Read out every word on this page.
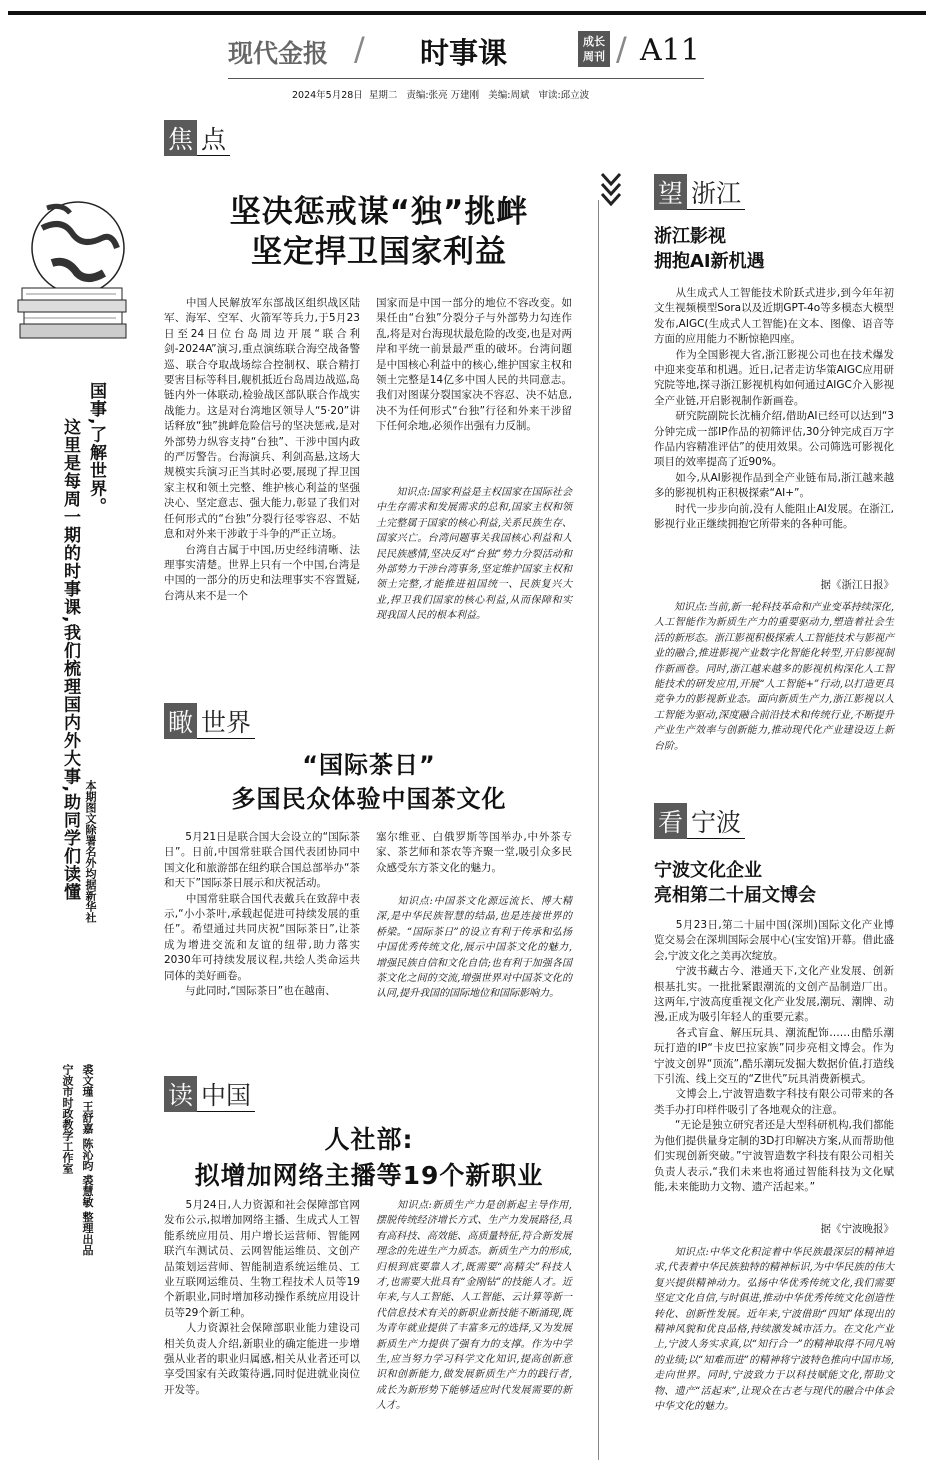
现代金报 / 时事课	成长
周刊 / A11
2024年5月28日  星期二   责编:张亮 万建刚   美编:周斌   审读:邱立波
国事,了解世界。
这里是每周一期的时事课,我们梳理国内外大事,助同学们读懂 本期图文除署名外均据新华社
裘文瑾 王舒嘉 陈沁昀 裘慧敏 整理出品
宁波市时政教学工作室
焦 点
坚决惩戒谋“独”挑衅
坚定捍卫国家利益
　　中国人民解放军东部战区组织战区陆军、海军、空军、火箭军等兵力,于5月23日至24日位台岛周边开展“联合利剑-2024A”演习,重点演练联合海空战备警巡、联合夺取战场综合控制权、联合精打要害目标等科目,舰机抵近台岛周边战巡,岛链内外一体联动,检验战区部队联合作战实战能力。这是对台湾地区领导人“5·20”讲话释放“独”挑衅危险信号的坚决惩戒,是对外部势力纵容支持“台独”、干涉中国内政的严厉警告。台海演兵、利剑高悬,这场大规模实兵演习正当其时必要,展现了捍卫国家主权和领土完整、维护核心利益的坚强决心、坚定意志、强大能力,彰显了我们对任何形式的“台独”分裂行径零容忍、不姑息和对外来干涉敢于斗争的严正立场。
　　台湾自古属于中国,历史经纬清晰、法理事实清楚。世界上只有一个中国,台湾是中国的一部分的历史和法理事实不容置疑,台湾从来不是一个
国家而是中国一部分的地位不容改变。如果任由“台独”分裂分子与外部势力勾连作乱,将是对台海现状最危险的改变,也是对两岸和平统一前景最严重的破坏。台湾问题是中国核心利益中的核心,维护国家主权和领土完整是14亿多中国人民的共同意志。我们对图谋分裂国家决不容忍、决不姑息,决不为任何形式“台独”行径和外来干涉留下任何余地,必须作出强有力反制。
　　知识点:国家利益是主权国家在国际社会中生存需求和发展需求的总和,国家主权和领土完整属于国家的核心利益,关系民族生存、国家兴亡。台湾问题事关我国核心利益和人民民族感情,坚决反对“台独”势力分裂活动和外部势力干涉台湾事务,坚定维护国家主权和领土完整,才能推进祖国统一、民族复兴大业,捍卫我们国家的核心利益,从而保障和实现我国人民的根本利益。
瞰 世界
“国际茶日”
多国民众体验中国茶文化
　　5月21日是联合国大会设立的“国际茶日”。日前,中国常驻联合国代表团协同中国文化和旅游部在纽约联合国总部举办“茶和天下”国际茶日展示和庆祝活动。
　　中国常驻联合国代表戴兵在致辞中表示,“小小茶叶,承载起促进可持续发展的重任”。希望通过共同庆祝“国际茶日”,让茶成为增进交流和友谊的纽带,助力落实2030年可持续发展议程,共绘人类命运共同体的美好画卷。
　　与此同时,“国际茶日”也在越南、
塞尔维亚、白俄罗斯等国举办,中外茶专家、茶艺师和茶农等齐聚一堂,吸引众多民众感受东方茶文化的魅力。
　　知识点:中国茶文化源远流长、博大精深,是中华民族智慧的结晶,也是连接世界的桥梁。“国际茶日”的设立有利于传承和弘扬中国优秀传统文化,展示中国茶文化的魅力,增强民族自信和文化自信;也有利于加强各国茶文化之间的交流,增强世界对中国茶文化的认同,提升我国的国际地位和国际影响力。
读 中国
人社部:
拟增加网络主播等19个新职业
　　5月24日,人力资源和社会保障部官网发布公示,拟增加网络主播、生成式人工智能系统应用员、用户增长运营师、智能网联汽车测试员、云网智能运维员、文创产品策划运营师、智能制造系统运维员、工业互联网运维员、生物工程技术人员等19个新职业,同时增加移动操作系统应用设计员等29个新工种。
　　人力资源社会保障部职业能力建设司相关负责人介绍,新职业的确定能进一步增强从业者的职业归属感,相关从业者还可以享受国家有关政策待遇,同时促进就业岗位开发等。
　　知识点:新质生产力是创新起主导作用,摆脱传统经济增长方式、生产力发展路径,具有高科技、高效能、高质量特征,符合新发展理念的先进生产力质态。新质生产力的形成,归根到底要靠人才,既需要“高精尖”科技人才,也需要大批具有“金刚钻”的技能人才。近年来,与人工智能、人工智能、云计算等新一代信息技术有关的新职业新技能不断涌现,既为青年就业提供了丰富多元的选择,又为发展新质生产力提供了强有力的支撑。作为中学生,应当努力学习科学文化知识,提高创新意识和创新能力,做发展新质生产力的践行者,成长为新形势下能够适应时代发展需要的新人才。
望 浙江
浙江影视
拥抱AI新机遇
　　从生成式人工智能技术阶跃式进步,到今年年初文生视频模型Sora以及近期GPT-4o等多模态大模型发布,AIGC(生成式人工智能)在文本、图像、语音等方面的应用能力不断惊艳四座。
　　作为全国影视大省,浙江影视公司也在技术爆发中迎来变革和机遇。近日,记者走访华策AIGC应用研究院等地,探寻浙江影视机构如何通过AIGC介入影视全产业链,开启影视制作新画卷。
　　研究院副院长沈楠介绍,借助AI已经可以达到“3分钟完成一部IP作品的初筛评估,30分钟完成百万字作品内容精准评估”的使用效果。公司筛选可影视化项目的效率提高了近90%。
　　如今,从AI影视作品到全产业链布局,浙江越来越多的影视机构正积极探索“AI+”。
　　时代一步步向前,没有人能阻止AI发展。在浙江,影视行业正继续拥抱它所带来的各种可能。
据《浙江日报》
　　知识点:当前,新一轮科技革命和产业变革持续深化,人工智能作为新质生产力的重要驱动力,塑造着社会生活的新形态。浙江影视积极探索人工智能技术与影视产业的融合,推进影视产业数字化智能化转型,开启影视制作新画卷。同时,浙江越来越多的影视机构深化人工智能技术的研发应用,开展“人工智能+”行动,以打造更具竞争力的影视新业态。面向新质生产力,浙江影视以人工智能为驱动,深度融合前沿技术和传统行业,不断提升产业生产效率与创新能力,推动现代化产业建设迈上新台阶。
看 宁波
宁波文化企业
亮相第二十届文博会
　　5月23日,第二十届中国(深圳)国际文化产业博览交易会在深圳国际会展中心(宝安馆)开幕。借此盛会,宁波文化之美再次绽放。
　　宁波书藏古今、港通天下,文化产业发展、创新根基扎实。一批批紧跟潮流的文创产品制造厂出。这两年,宁波高度重视文化产业发展,潮玩、潮牌、动漫,正成为吸引年轻人的重要元素。
　　各式盲盒、解压玩具、潮流配饰……由酷乐潮玩打造的IP“卡皮巴拉家族”同步亮相文博会。作为宁波文创界“顶流”,酷乐潮玩发掘大数据价值,打造线下引流、线上交互的“Z世代”玩具消费新模式。
　　文博会上,宁波智造数字科技有限公司带来的各类手办打印样件吸引了各地观众的注意。
　　“无论是独立研究者还是大型科研机构,我们都能为他们提供量身定制的3D打印解决方案,从而帮助他们实现创新突破。”宁波智造数字科技有限公司相关负责人表示,“我们未来也将通过智能科技为文化赋能,未来能助力文物、遗产活起来。”
据《宁波晚报》
　　知识点:中华文化积淀着中华民族最深层的精神追求,代表着中华民族独特的精神标识,为中华民族的伟大复兴提供精神动力。弘扬中华优秀传统文化,我们需要坚定文化自信,与时俱进,推动中华优秀传统文化创造性转化、创新性发展。近年来,宁波借助“四知”体现出的精神风貌和优良品格,持续激发城市活力。在文化产业上,宁波人务实求真,以“知行合一”的精神取得不同凡响的业绩;以“知难而进”的精神将宁波特色推向中国市场,走向世界。同时,宁波致力于以科技赋能文化,帮助文物、遗产“活起来”,让现众在古老与现代的融合中体会中华文化的魅力。
